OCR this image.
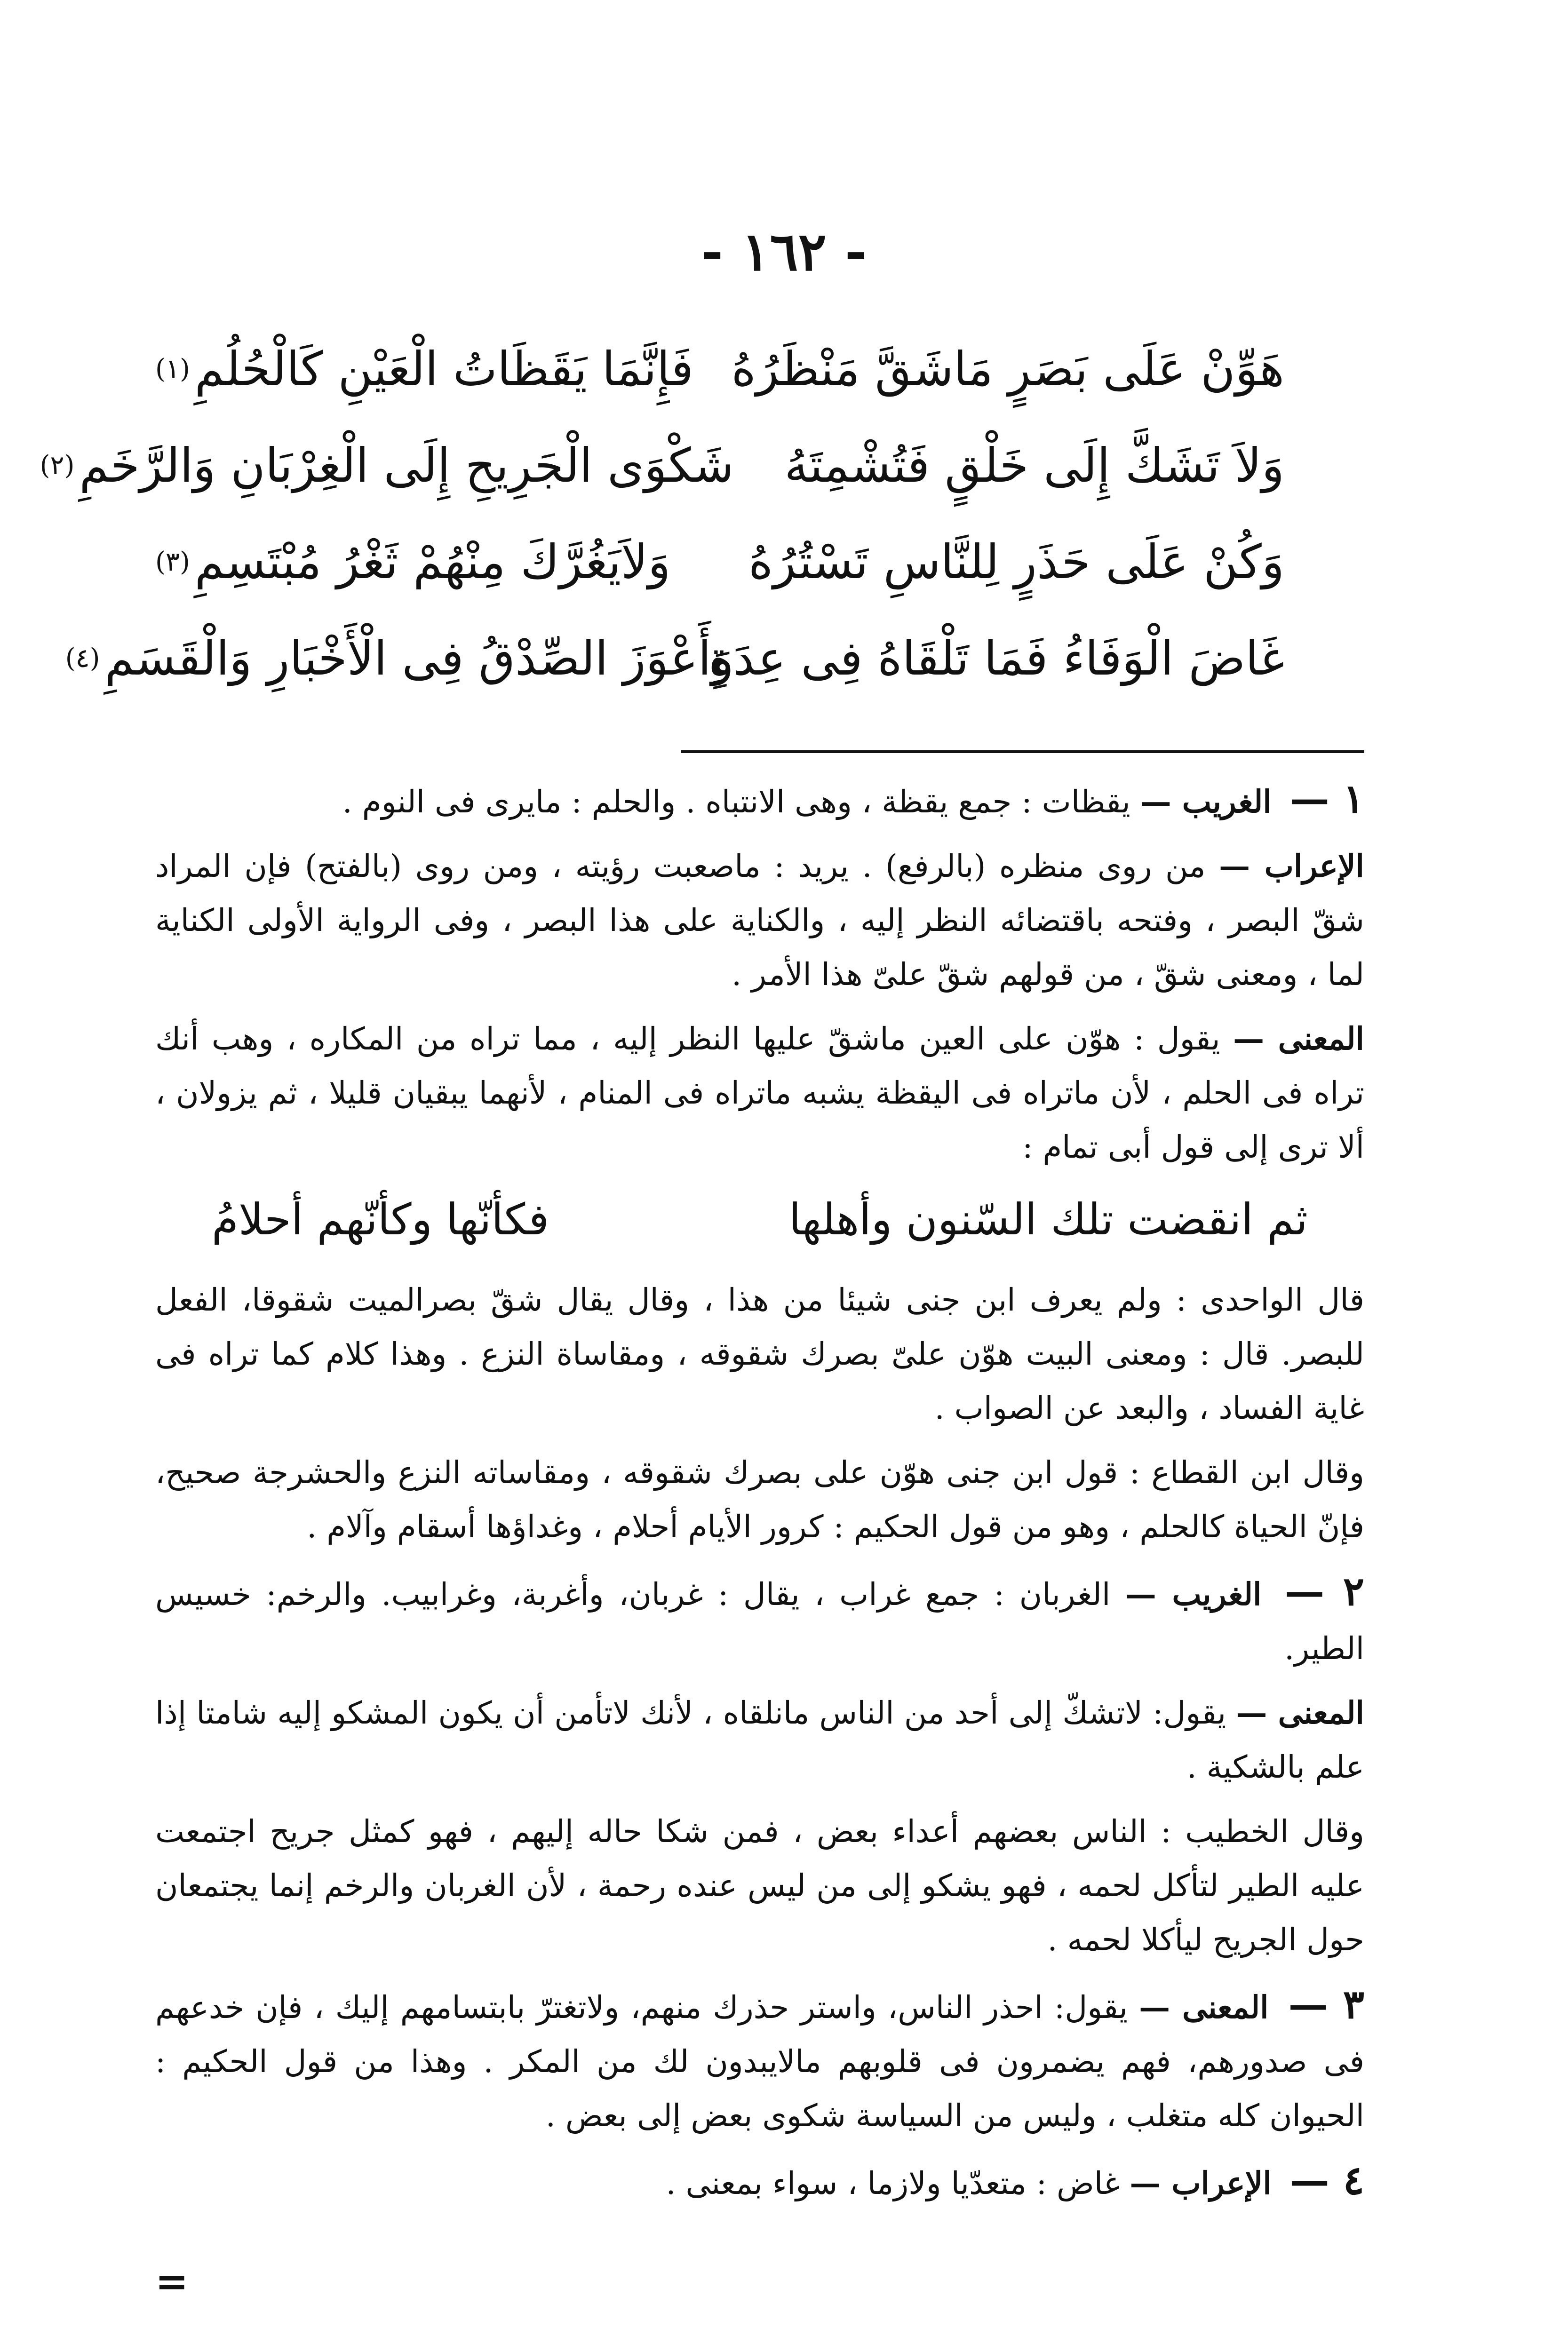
- ١٦٢ -
هَوِّنْ عَلَى بَصَرٍ مَاشَقَّ مَنْظَرُهُ
فَإِنَّمَا يَقَظَاتُ الْعَيْنِ كَالْحُلُمِ$^{(١)}$
وَلاَ تَشَكَّ إِلَى خَلْقٍ فَتُشْمِتَهُ
شَكْوَى الْجَرِيحِ إِلَى الْغِرْبَانِ وَالرَّخَمِ$^{(٢)}$
وَكُنْ عَلَى حَذَرٍ لِلنَّاسِ تَسْتُرُهُ
وَلاَيَغُرَّكَ مِنْهُمْ ثَغْرُ مُبْتَسِمِ$^{(٣)}$
غَاضَ الْوَفَاءُ فَمَا تَلْقَاهُ فِى عِدَةٍ
وَأَعْوَزَ الصِّدْقُ فِى الْأَخْبَارِ وَالْقَسَمِ$^{(٤)}$

١ — الغريب — يقظات : جمع يقظة ، وهى الانتباه . والحلم : مايرى فى النوم .

الإعراب — من روى منظره (بالرفع) . يريد : ماصعبت رؤيته ، ومن روى (بالفتح) فإن المراد شقّ البصر ، وفتحه باقتضائه النظر إليه ، والكناية على هذا البصر ، وفى الرواية الأولى الكناية لما ، ومعنى شقّ ، من قولهم شقّ علىّ هذا الأمر .

المعنى — يقول : هوّن على العين ماشقّ عليها النظر إليه ، مما تراه من المكاره ، وهب أنك تراه فى الحلم ، لأن ماتراه فى اليقظة يشبه ماتراه فى المنام ، لأنهما يبقيان قليلا ، ثم يزولان ، ألا ترى إلى قول أبى تمام :

ثم انقضت تلك السّنون وأهلها
فكأنّها وكأنّهم أحلامُ

قال الواحدى : ولم يعرف ابن جنى شيئا من هذا ، وقال يقال شقّ بصرالميت شقوقا، الفعل للبصر. قال : ومعنى البيت هوّن علىّ بصرك شقوقه ، ومقاساة النزع . وهذا كلام كما تراه فى غاية الفساد ، والبعد عن الصواب .

وقال ابن القطاع : قول ابن جنى هوّن على بصرك شقوقه ، ومقاساته النزع والحشرجة صحيح، فإنّ الحياة كالحلم ، وهو من قول الحكيم : كرور الأيام أحلام ، وغداؤها أسقام وآلام .

٢ — الغريب — الغربان : جمع غراب ، يقال : غربان، وأغربة، وغرابيب. والرخم: خسيس الطير.

المعنى — يقول: لاتشكّ إلى أحد من الناس مانلقاه ، لأنك لاتأمن أن يكون المشكو إليه شامتا إذا علم بالشكية .

وقال الخطيب : الناس بعضهم أعداء بعض ، فمن شكا حاله إليهم ، فهو كمثل جريح اجتمعت عليه الطير لتأكل لحمه ، فهو يشكو إلى من ليس عنده رحمة ، لأن الغربان والرخم إنما يجتمعان حول الجريح ليأكلا لحمه .

٣ — المعنى — يقول: احذر الناس، واستر حذرك منهم، ولاتغترّ بابتسامهم إليك ، فإن خدعهم فى صدورهم، فهم يضمرون فى قلوبهم مالايبدون لك من المكر . وهذا من قول الحكيم : الحيوان كله متغلب ، وليس من السياسة شكوى بعض إلى بعض .

٤ — الإعراب — غاض : متعدّيا ولازما ، سواء بمعنى .

=
